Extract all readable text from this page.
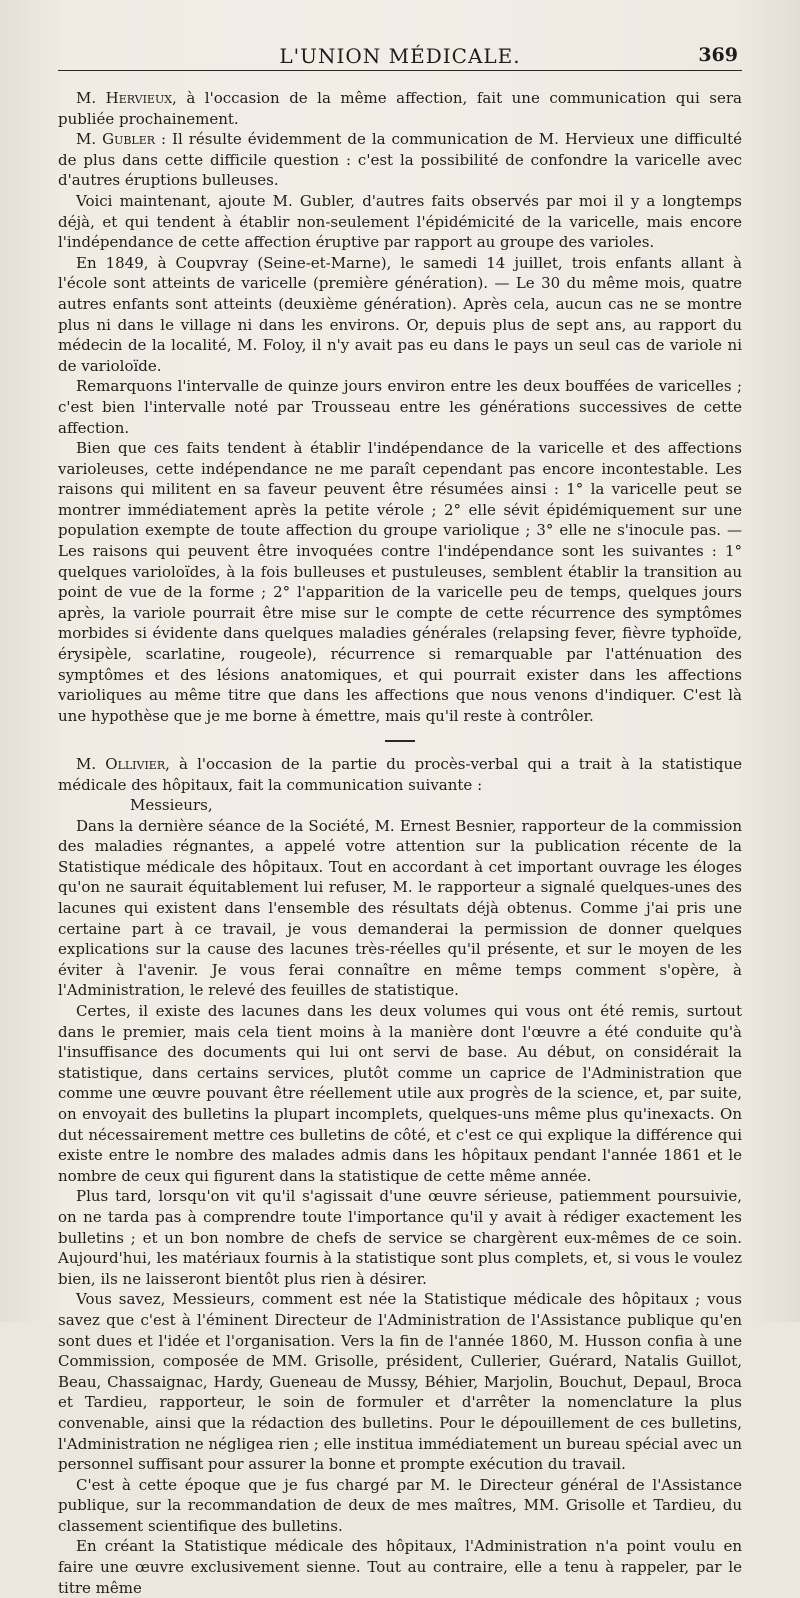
L'UNION MÉDICALE.	369

M. Hervieux, à l'occasion de la même affection, fait une communication qui sera publiée prochainement.

M. Gubler : Il résulte évidemment de la communication de M. Hervieux une difficulté de plus dans cette difficile question : c'est la possibilité de confondre la varicelle avec d'autres éruptions bulleuses.

Voici maintenant, ajoute M. Gubler, d'autres faits observés par moi il y a longtemps déjà, et qui tendent à établir non-seulement l'épidémicité de la varicelle, mais encore l'indépendance de cette affection éruptive par rapport au groupe des varioles.

En 1849, à Coupvray (Seine-et-Marne), le samedi 14 juillet, trois enfants allant à l'école sont atteints de varicelle (première génération). — Le 30 du même mois, quatre autres enfants sont atteints (deuxième génération). Après cela, aucun cas ne se montre plus ni dans le village ni dans les environs. Or, depuis plus de sept ans, au rapport du médecin de la localité, M. Foloy, il n'y avait pas eu dans le pays un seul cas de variole ni de varioloïde.

Remarquons l'intervalle de quinze jours environ entre les deux bouffées de varicelles ; c'est bien l'intervalle noté par Trousseau entre les générations successives de cette affection.

Bien que ces faits tendent à établir l'indépendance de la varicelle et des affections varioleuses, cette indépendance ne me paraît cependant pas encore incontestable. Les raisons qui militent en sa faveur peuvent être résumées ainsi : 1° la varicelle peut se montrer immédiatement après la petite vérole ; 2° elle sévit épidémiquement sur une population exempte de toute affection du groupe variolique ; 3° elle ne s'inocule pas. — Les raisons qui peuvent être invoquées contre l'indépendance sont les suivantes : 1° quelques varioloïdes, à la fois bulleuses et pustuleuses, semblent établir la transition au point de vue de la forme ; 2° l'apparition de la varicelle peu de temps, quelques jours après, la variole pourrait être mise sur le compte de cette récurrence des symptômes morbides si évidente dans quelques maladies générales (relapsing fever, fièvre typhoïde, érysipèle, scarlatine, rougeole), récurrence si remarquable par l'atténuation des symptômes et des lésions anatomiques, et qui pourrait exister dans les affections varioliques au même titre que dans les affections que nous venons d'indiquer. C'est là une hypothèse que je me borne à émettre, mais qu'il reste à contrôler.

M. Ollivier, à l'occasion de la partie du procès-verbal qui a trait à la statistique médicale des hôpitaux, fait la communication suivante :

Messieurs,

Dans la dernière séance de la Société, M. Ernest Besnier, rapporteur de la commission des maladies régnantes, a appelé votre attention sur la publication récente de la Statistique médicale des hôpitaux. Tout en accordant à cet important ouvrage les éloges qu'on ne saurait équitablement lui refuser, M. le rapporteur a signalé quelques-unes des lacunes qui existent dans l'ensemble des résultats déjà obtenus. Comme j'ai pris une certaine part à ce travail, je vous demanderai la permission de donner quelques explications sur la cause des lacunes très-réelles qu'il présente, et sur le moyen de les éviter à l'avenir. Je vous ferai connaître en même temps comment s'opère, à l'Administration, le relevé des feuilles de statistique.

Certes, il existe des lacunes dans les deux volumes qui vous ont été remis, surtout dans le premier, mais cela tient moins à la manière dont l'œuvre a été conduite qu'à l'insuffisance des documents qui lui ont servi de base. Au début, on considérait la statistique, dans certains services, plutôt comme un caprice de l'Administration que comme une œuvre pouvant être réellement utile aux progrès de la science, et, par suite, on envoyait des bulletins la plupart incomplets, quelques-uns même plus qu'inexacts. On dut nécessairement mettre ces bulletins de côté, et c'est ce qui explique la différence qui existe entre le nombre des malades admis dans les hôpitaux pendant l'année 1861 et le nombre de ceux qui figurent dans la statistique de cette même année.

Plus tard, lorsqu'on vit qu'il s'agissait d'une œuvre sérieuse, patiemment poursuivie, on ne tarda pas à comprendre toute l'importance qu'il y avait à rédiger exactement les bulletins ; et un bon nombre de chefs de service se chargèrent eux-mêmes de ce soin. Aujourd'hui, les matériaux fournis à la statistique sont plus complets, et, si vous le voulez bien, ils ne laisseront bientôt plus rien à désirer.

Vous savez, Messieurs, comment est née la Statistique médicale des hôpitaux ; vous savez que c'est à l'éminent Directeur de l'Administration de l'Assistance publique qu'en sont dues et l'idée et l'organisation. Vers la fin de l'année 1860, M. Husson confia à une Commission, composée de MM. Grisolle, président, Cullerier, Guérard, Natalis Guillot, Beau, Chassaignac, Hardy, Gueneau de Mussy, Béhier, Marjolin, Bouchut, Depaul, Broca et Tardieu, rapporteur, le soin de formuler et d'arrêter la nomenclature la plus convenable, ainsi que la rédaction des bulletins. Pour le dépouillement de ces bulletins, l'Administration ne négligea rien ; elle institua immédiatement un bureau spécial avec un personnel suffisant pour assurer la bonne et prompte exécution du travail.

C'est à cette époque que je fus chargé par M. le Directeur général de l'Assistance publique, sur la recommandation de deux de mes maîtres, MM. Grisolle et Tardieu, du classement scientifique des bulletins.

En créant la Statistique médicale des hôpitaux, l'Administration n'a point voulu en faire une œuvre exclusivement sienne. Tout au contraire, elle a tenu à rappeler, par le titre même
